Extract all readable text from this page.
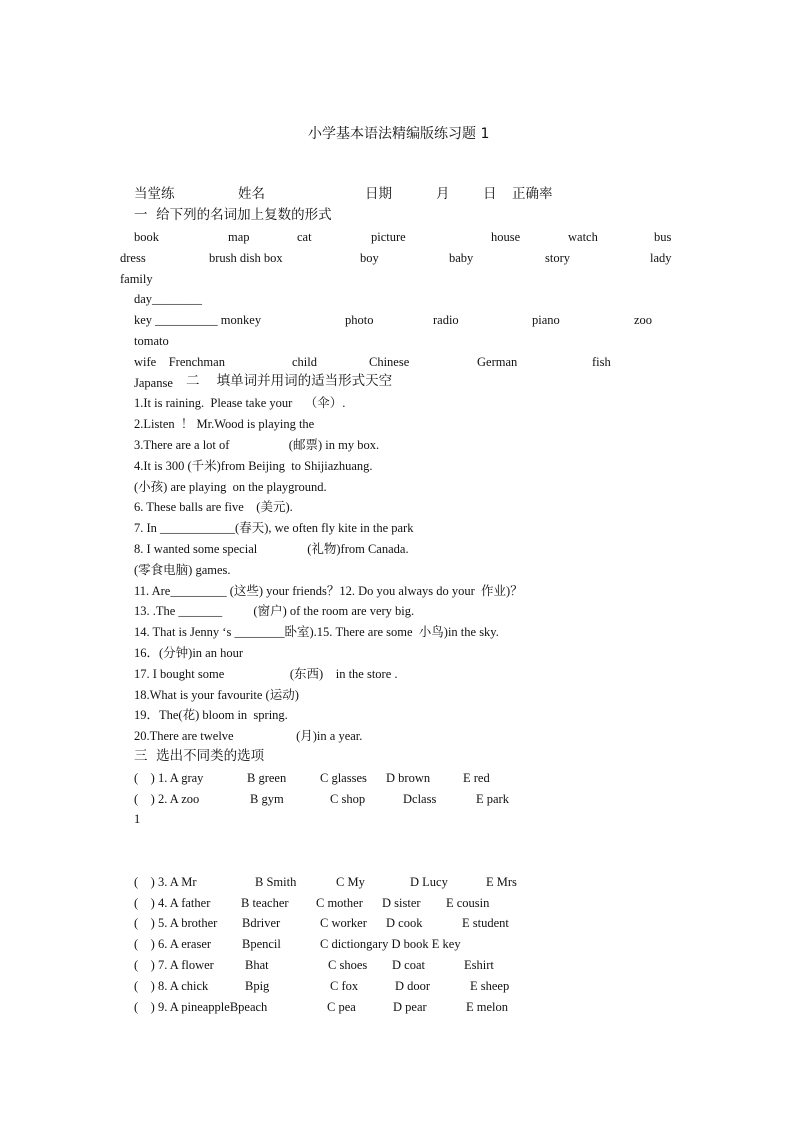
小学基本语法精编版练习题 1
当堂练	姓名	日期	月 日 正确率
一  给下列的名词加上复数的形式
book	map	cat	picture	house	watch	bus
dress	brush dish box	boy	baby	story	lady
family
day________
key __________ monkey	photo	radio	piano	zoo
tomato
wife    Frenchman	child	Chinese	German	fish
Japanse 二    填单词并用词的适当形式天空
1.It is raining.  Please take your    （伞）.
2.Listen  ！ Mr.Wood is playing the
3.There are a lot of                   (邮票) in my box.
4.It is 300 (千米)from Beijing  to Shijiazhuang.
(小孩) are playing  on the playground.
6. These balls are five    (美元).
7. In ____________(春天), we often fly kite in the park
8. I wanted some special                (礼物)from Canada.
(零食电脑) games.
11. Are_________ (这些) your friends？12. Do you always do your  作业)？
13. .The _______          (窗户) of the room are very big.
14. That is Jenny ‘s ________卧室).15. There are some  小鸟)in the sky.
16．(分钟)in an hour
17. I bought some                     (东西)    in the store .
18.What is your favourite (运动)
19．The(花) bloom in  spring.
20.There are twelve                    (月)in a year.
三  选出不同类的选项
(    ) 1. A gray	B green	C glasses D brown	E red
(    ) 2. A zoo	B gym	C shop	Dclass	E park
1
(    ) 3. A Mr	B Smith	C My	D Lucy	E Mrs
(    ) 4. A father B teacher C mother D sister E cousin
(    ) 5. A brother Bdriver	C worker D cook	E student
(    ) 6. A eraser Bpencil	C dictiongary D book E key
(    ) 7. A flower Bhat	C shoes D coat	Eshirt
(    ) 8. A chick	Bpig	C fox	D door	E sheep
(    ) 9. A pineappleBpeach	C pea	D pear	E melon
